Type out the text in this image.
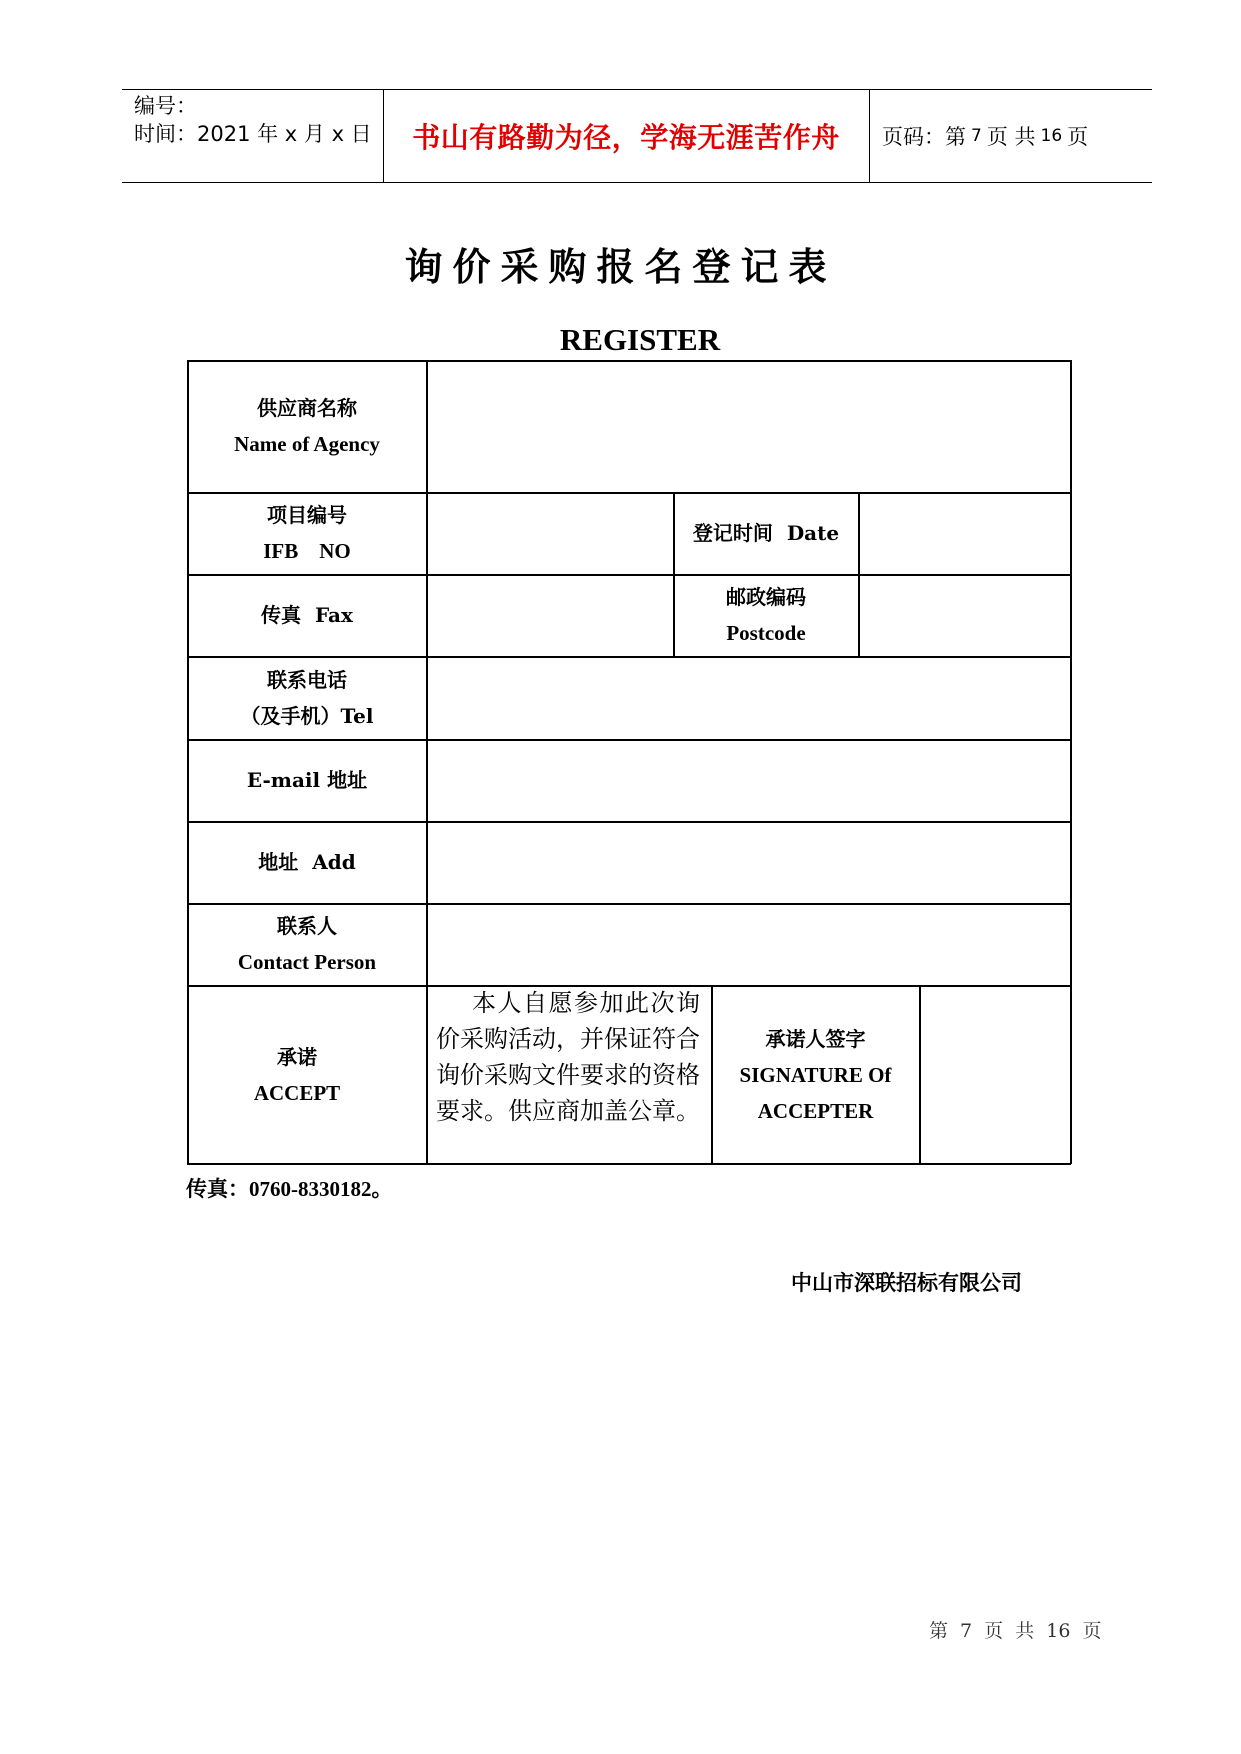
编号：
时间：2021 年 x 月 x 日	书山有路勤为径，学海无涯苦作舟	页码：第 7 页 共 16 页
询价采购报名登记表
REGISTER
供应商名称
Name of Agency
项目编号
IFB    NO
登记时间  Date
传真  Fax
邮政编码
Postcode
联系电话
（及手机）Tel
E-mail 地址
地址  Add
联系人
Contact Person
承诺
ACCEPT
本人自愿参加此次询价采购活动，并保证符合询价采购文件要求的资格要求。供应商加盖公章。
承诺人签字
SIGNATURE Of
ACCEPTER
传真：0760-8330182。
中山市深联招标有限公司
第 7 页 共 16 页
